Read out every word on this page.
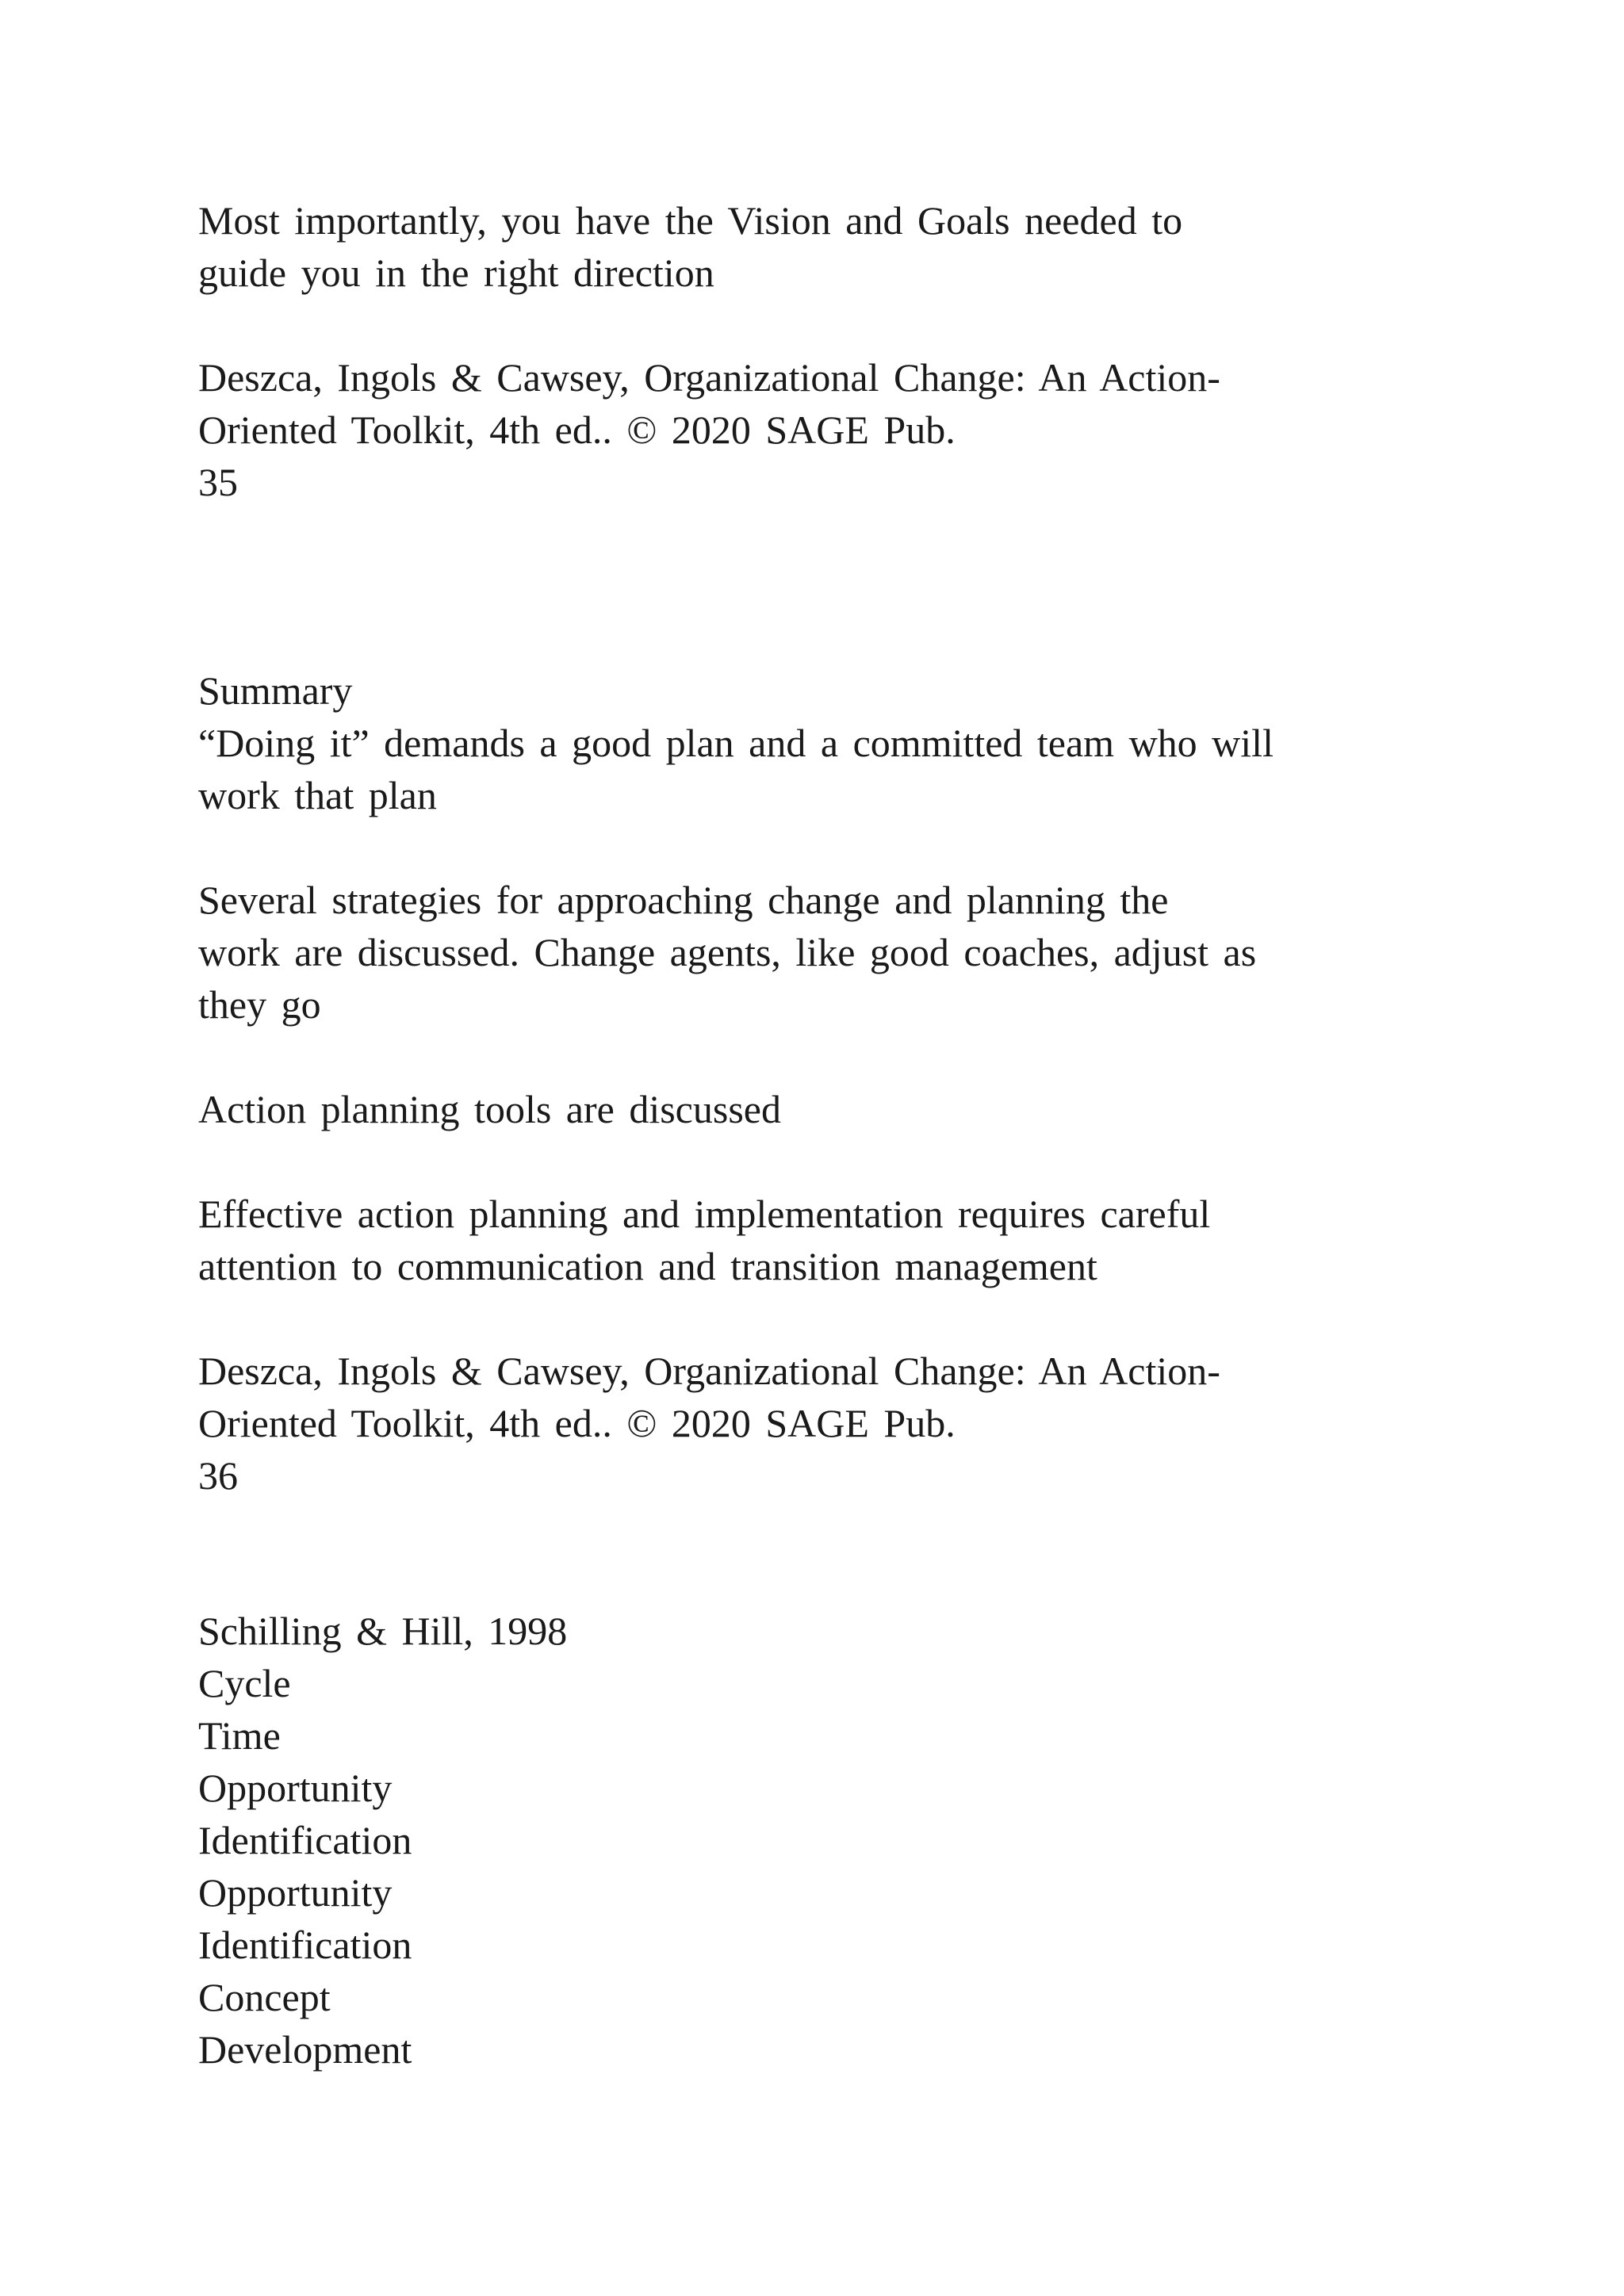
Most importantly, you have the Vision and Goals needed to

guide you in the right direction

Deszca, Ingols & Cawsey, Organizational Change: An Action-

Oriented Toolkit, 4th ed.. © 2020 SAGE Pub.

35

Summary

“Doing it” demands a good plan and a committed team who will

work that plan

Several strategies for approaching change and planning the

work are discussed. Change agents, like good coaches, adjust as

they go

Action planning tools are discussed

Effective action planning and implementation requires careful

attention to communication and transition management

Deszca, Ingols & Cawsey, Organizational Change: An Action-

Oriented Toolkit, 4th ed.. © 2020 SAGE Pub.

36

Schilling & Hill, 1998

Cycle

Time

Opportunity

Identification

Opportunity

Identification

Concept

Development
